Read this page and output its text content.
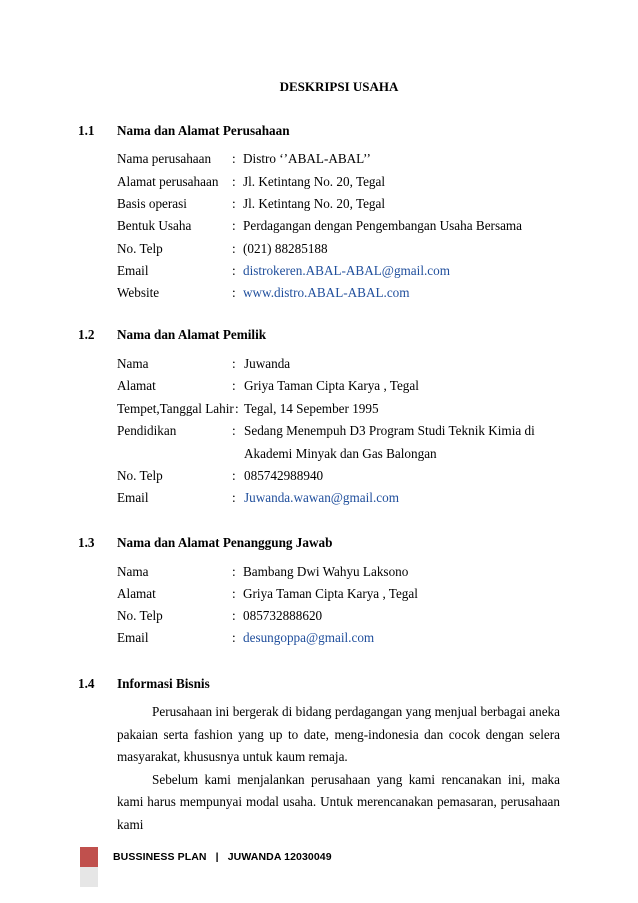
DESKRIPSI USAHA
1.1 Nama dan Alamat Perusahaan
Nama perusahaan : Distro ‘’ABAL-ABAL’’
Alamat perusahaan : Jl. Ketintang No. 20, Tegal
Basis operasi	: Jl. Ketintang No. 20, Tegal
Bentuk Usaha	: Perdagangan dengan Pengembangan Usaha Bersama
No. Telp	: (021) 88285188
Email	: distrokeren.ABAL-ABAL@gmail.com
Website	: www.distro.ABAL-ABAL.com
1.2 Nama dan Alamat Pemilik
Nama	: Juwanda
Alamat	: Griya Taman Cipta Karya , Tegal
Tempet,Tanggal Lahir : Tegal, 14 Sepember 1995
Pendidikan	: Sedang Menempuh D3 Program Studi Teknik Kimia di
Akademi Minyak dan Gas Balongan
No. Telp	: 085742988940
Email	: Juwanda.wawan@gmail.com
1.3 Nama dan Alamat Penanggung Jawab
Nama	: Bambang Dwi Wahyu Laksono
Alamat	: Griya Taman Cipta Karya , Tegal
No. Telp	: 085732888620
Email	: desungoppa@gmail.com
1.4 Informasi Bisnis

Perusahaan ini bergerak di bidang perdagangan yang menjual berbagai aneka pakaian serta fashion yang up to date, meng-indonesia dan cocok dengan selera masyarakat, khususnya untuk kaum remaja.

Sebelum kami menjalankan perusahaan yang kami rencanakan ini, maka kami harus mempunyai modal usaha. Untuk merencanakan pemasaran, perusahaan kami

BUSSINESS PLAN   |   JUWANDA 12030049
